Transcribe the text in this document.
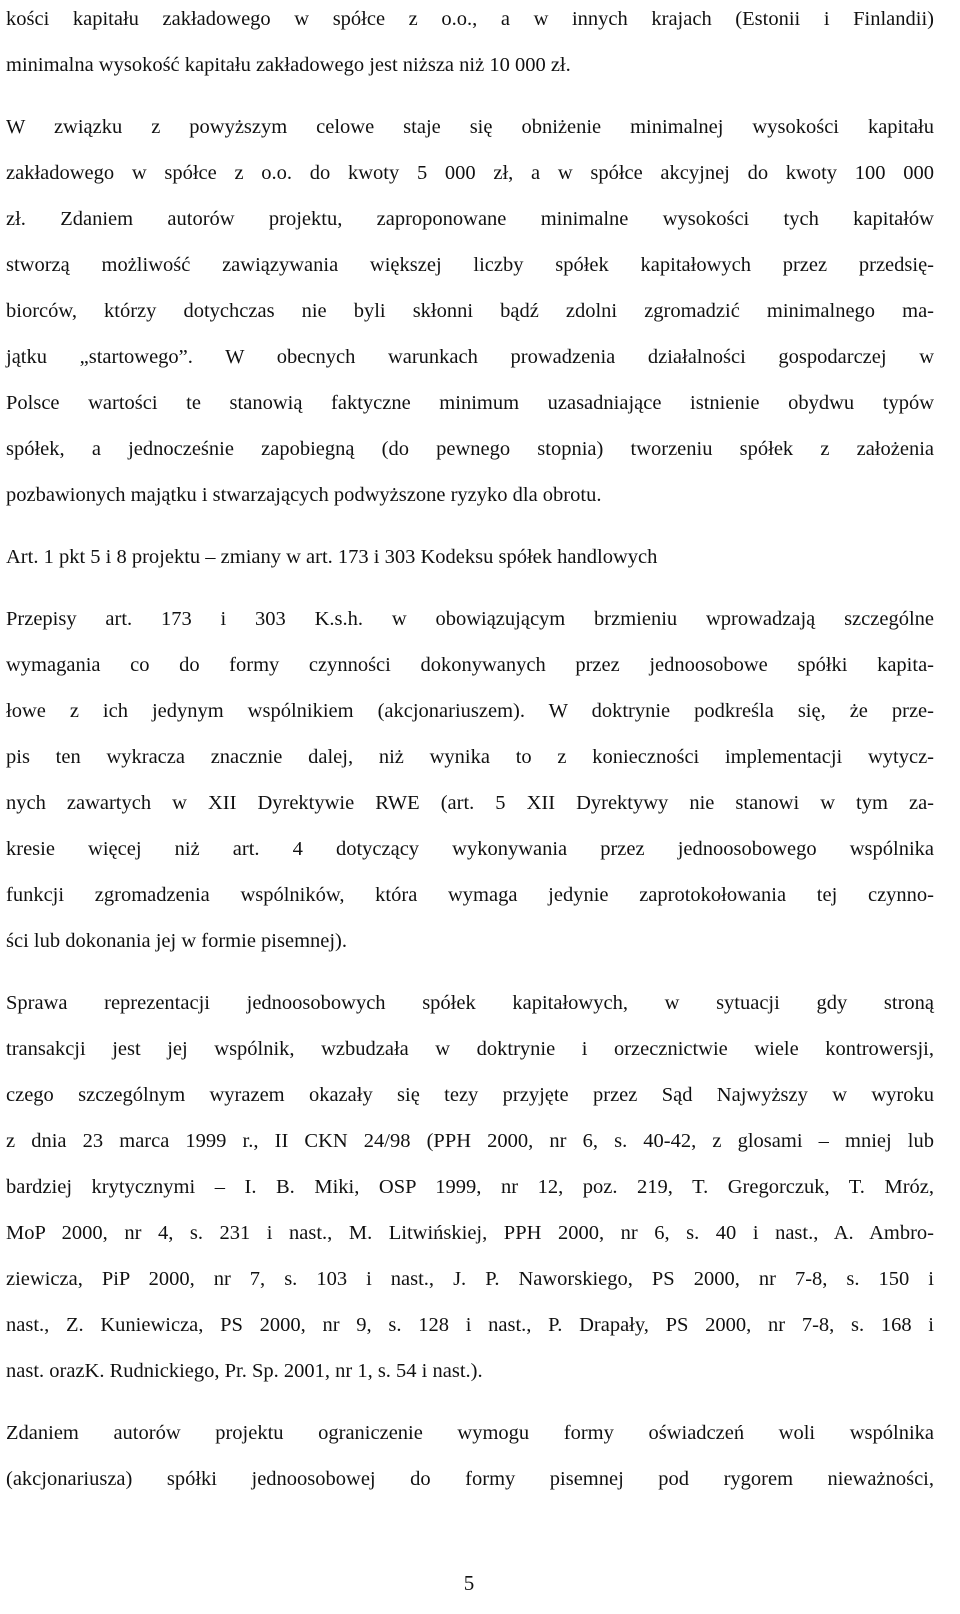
kości kapitału zakładowego w spółce z o.o., a w innych krajach (Estonii i Finlandii)
minimalna wysokość kapitału zakładowego jest niższa niż 10 000 zł.
W związku z powyższym celowe staje się obniżenie minimalnej wysokości kapitału
zakładowego w spółce z o.o. do kwoty 5 000 zł, a w spółce akcyjnej do kwoty 100 000
zł. Zdaniem autorów projektu, zaproponowane minimalne wysokości tych kapitałów
stworzą możliwość zawiązywania większej liczby spółek kapitałowych przez przedsię-
biorców, którzy dotychczas nie byli skłonni bądź zdolni zgromadzić minimalnego ma-
jątku „startowego”. W obecnych warunkach prowadzenia działalności gospodarczej w
Polsce wartości te stanowią faktyczne minimum uzasadniające istnienie obydwu typów
spółek, a jednocześnie zapobiegną (do pewnego stopnia) tworzeniu spółek z założenia
pozbawionych majątku i stwarzających podwyższone ryzyko dla obrotu.
Art. 1 pkt 5 i 8 projektu – zmiany w art. 173 i 303 Kodeksu spółek handlowych
Przepisy art. 173 i 303 K.s.h. w obowiązującym brzmieniu wprowadzają szczególne
wymagania co do formy czynności dokonywanych przez jednoosobowe spółki kapita-
łowe z ich jedynym wspólnikiem (akcjonariuszem). W doktrynie podkreśla się, że prze-
pis ten wykracza znacznie dalej, niż wynika to z konieczności implementacji wytycz-
nych zawartych w XII Dyrektywie RWE (art. 5 XII Dyrektywy nie stanowi w tym za-
kresie więcej niż art. 4 dotyczący wykonywania przez jednoosobowego wspólnika
funkcji zgromadzenia wspólników, która wymaga jedynie zaprotokołowania tej czynno-
ści lub dokonania jej w formie pisemnej).
Sprawa reprezentacji jednoosobowych spółek kapitałowych, w sytuacji gdy stroną
transakcji jest jej wspólnik, wzbudzała w doktrynie i orzecznictwie wiele kontrowersji,
czego szczególnym wyrazem okazały się tezy przyjęte przez Sąd Najwyższy w wyroku
z dnia 23 marca 1999 r., II CKN 24/98 (PPH 2000, nr 6, s. 40-42, z glosami – mniej lub
bardziej krytycznymi – I. B. Miki, OSP 1999, nr 12, poz. 219, T. Gregorczuk, T. Mróz,
MoP 2000, nr 4, s. 231 i nast., M. Litwińskiej, PPH 2000, nr 6, s. 40 i nast., A. Ambro-
ziewicza, PiP 2000, nr 7, s. 103 i nast., J. P. Naworskiego, PS 2000, nr 7-8, s. 150 i
nast., Z. Kuniewicza, PS 2000, nr 9, s. 128 i nast., P. Drapały, PS 2000, nr 7-8, s. 168 i
nast. orazK. Rudnickiego, Pr. Sp. 2001, nr 1, s. 54 i nast.).
Zdaniem autorów projektu ograniczenie wymogu formy oświadczeń woli wspólnika
(akcjonariusza) spółki jednoosobowej do formy pisemnej pod rygorem nieważności,
5
